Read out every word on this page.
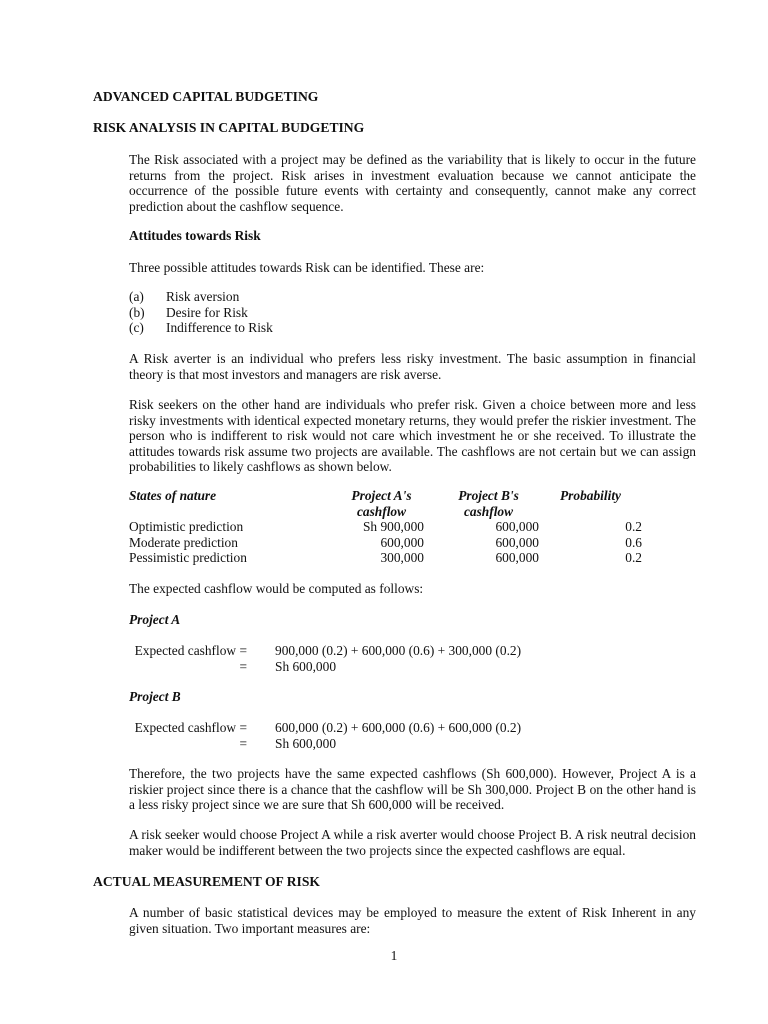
ADVANCED CAPITAL BUDGETING
RISK ANALYSIS IN CAPITAL BUDGETING

The Risk associated with a project may be defined as the variability that is likely to occur in the future returns from the project. Risk arises in investment evaluation because we cannot anticipate the occurrence of the possible future events with certainty and consequently, cannot make any correct prediction about the cashflow sequence.

Attitudes towards Risk

Three possible attitudes towards Risk can be identified. These are:

(a) Risk aversion
(b) Desire for Risk
(c) Indifference to Risk

A Risk averter is an individual who prefers less risky investment. The basic assumption in financial theory is that most investors and managers are risk averse.

Risk seekers on the other hand are individuals who prefer risk. Given a choice between more and less risky investments with identical expected monetary returns, they would prefer the riskier investment. The person who is indifferent to risk would not care which investment he or she received. To illustrate the attitudes towards risk assume two projects are available. The cashflows are not certain but we can assign probabilities to likely cashflows as shown below.

States of nature	Project A's	Project B's	Probability
	cashflow	cashflow	
Optimistic prediction	Sh 900,000	600,000	0.2
Moderate prediction	600,000	600,000	0.6
Pessimistic prediction	300,000	600,000	0.2

The expected cashflow would be computed as follows:

Project A
Expected cashflow = 900,000 (0.2) + 600,000 (0.6) + 300,000 (0.2)
= Sh 600,000
Project B
Expected cashflow = 600,000 (0.2) + 600,000 (0.6) + 600,000 (0.2)
= Sh 600,000

Therefore, the two projects have the same expected cashflows (Sh 600,000). However, Project A is a riskier project since there is a chance that the cashflow will be Sh 300,000. Project B on the other hand is a less risky project since we are sure that Sh 600,000 will be received.

A risk seeker would choose Project A while a risk averter would choose Project B. A risk neutral decision maker would be indifferent between the two projects since the expected cashflows are equal.

ACTUAL MEASUREMENT OF RISK

A number of basic statistical devices may be employed to measure the extent of Risk Inherent in any given situation. Two important measures are:

1
